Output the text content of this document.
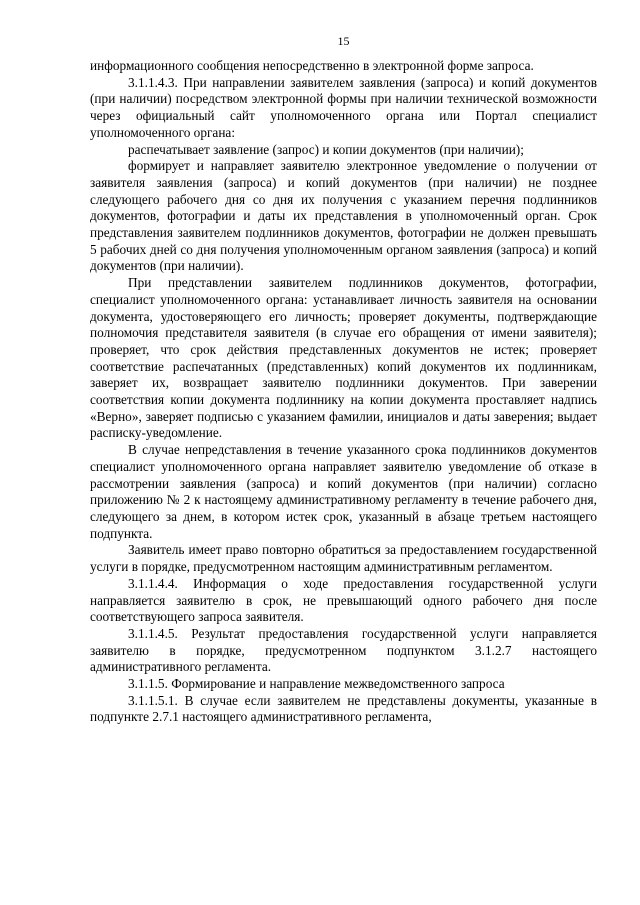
15

информационного сообщения непосредственно в электронной форме запроса.

3.1.1.4.3. При направлении заявителем заявления (запроса) и копий документов (при наличии) посредством электронной формы при наличии технической возможности через официальный сайт уполномоченного органа или Портал специалист уполномоченного органа:

распечатывает заявление (запрос) и копии документов (при наличии);

формирует и направляет заявителю электронное уведомление о получении от заявителя заявления (запроса) и копий документов (при наличии) не позднее следующего рабочего дня со дня их получения с указанием перечня подлинников документов, фотографии и даты их представления в уполномоченный орган. Срок представления заявителем подлинников документов, фотографии не должен превышать 5 рабочих дней со дня получения уполномоченным органом заявления (запроса) и копий документов (при наличии).

При представлении заявителем подлинников документов, фотографии, специалист уполномоченного органа: устанавливает личность заявителя на основании документа, удостоверяющего его личность; проверяет документы, подтверждающие полномочия представителя заявителя (в случае его обращения от имени заявителя); проверяет, что срок действия представленных документов не истек; проверяет соответствие распечатанных (представленных) копий документов их подлинникам, заверяет их, возвращает заявителю подлинники документов. При заверении соответствия копии документа подлиннику на копии документа проставляет надпись «Верно», заверяет подписью с указанием фамилии, инициалов и даты заверения; выдает расписку-уведомление.

В случае непредставления в течение указанного срока подлинников документов специалист уполномоченного органа направляет заявителю уведомление об отказе в рассмотрении заявления (запроса) и копий документов (при наличии) согласно приложению № 2 к настоящему административному регламенту в течение рабочего дня, следующего за днем, в котором истек срок, указанный в абзаце третьем настоящего подпункта.

Заявитель имеет право повторно обратиться за предоставлением государственной услуги в порядке, предусмотренном настоящим административным регламентом.

3.1.1.4.4. Информация о ходе предоставления государственной услуги направляется заявителю в срок, не превышающий одного рабочего дня после соответствующего запроса заявителя.

3.1.1.4.5. Результат предоставления государственной услуги направляется заявителю в порядке, предусмотренном подпунктом 3.1.2.7 настоящего административного регламента.

3.1.1.5. Формирование и направление межведомственного запроса

3.1.1.5.1. В случае если заявителем не представлены документы, указанные в подпункте 2.7.1 настоящего административного регламента,
